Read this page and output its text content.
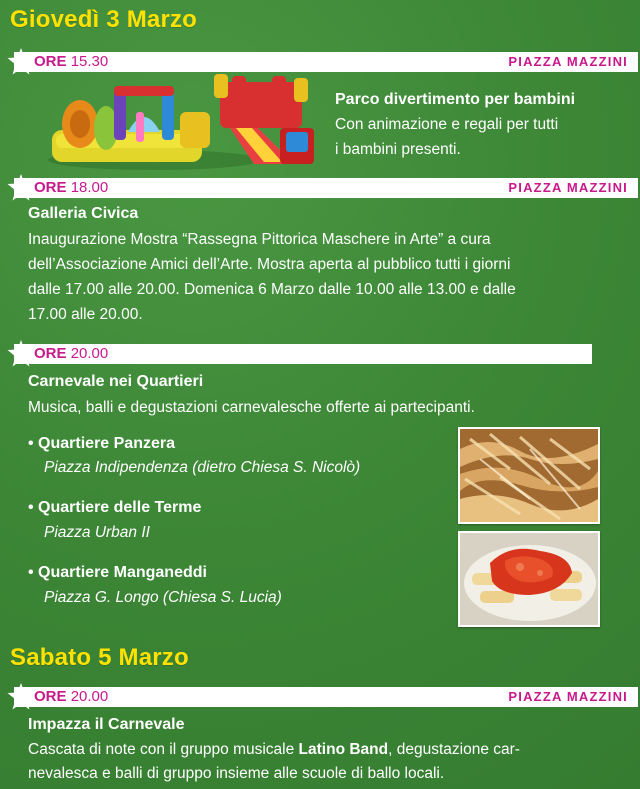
Giovedì 3 Marzo
ORE 15.30	PIAZZA MAZZINI
Parco divertimento per bambini
Con animazione e regali per tutti
i bambini presenti.
ORE 18.00	PIAZZA MAZZINI
Galleria Civica
Inaugurazione Mostra “Rassegna Pittorica Maschere in Arte” a cura
dell’Associazione Amici dell’Arte. Mostra aperta al pubblico tutti i giorni
dalle 17.00 alle 20.00. Domenica 6 Marzo dalle 10.00 alle 13.00 e dalle
17.00 alle 20.00.
ORE 20.00
Carnevale nei Quartieri
Musica, balli e degustazioni carnevalesche offerte ai partecipanti.
• Quartiere Panzera
Piazza Indipendenza (dietro Chiesa S. Nicolò)
• Quartiere delle Terme
Piazza Urban II
• Quartiere Manganeddi
Piazza G. Longo (Chiesa S. Lucia)
Sabato 5 Marzo
ORE 20.00	PIAZZA MAZZINI
Impazza il Carnevale
Cascata di note con il gruppo musicale Latino Band, degustazione car-
nevalesca e balli di gruppo insieme alle scuole di ballo locali.
